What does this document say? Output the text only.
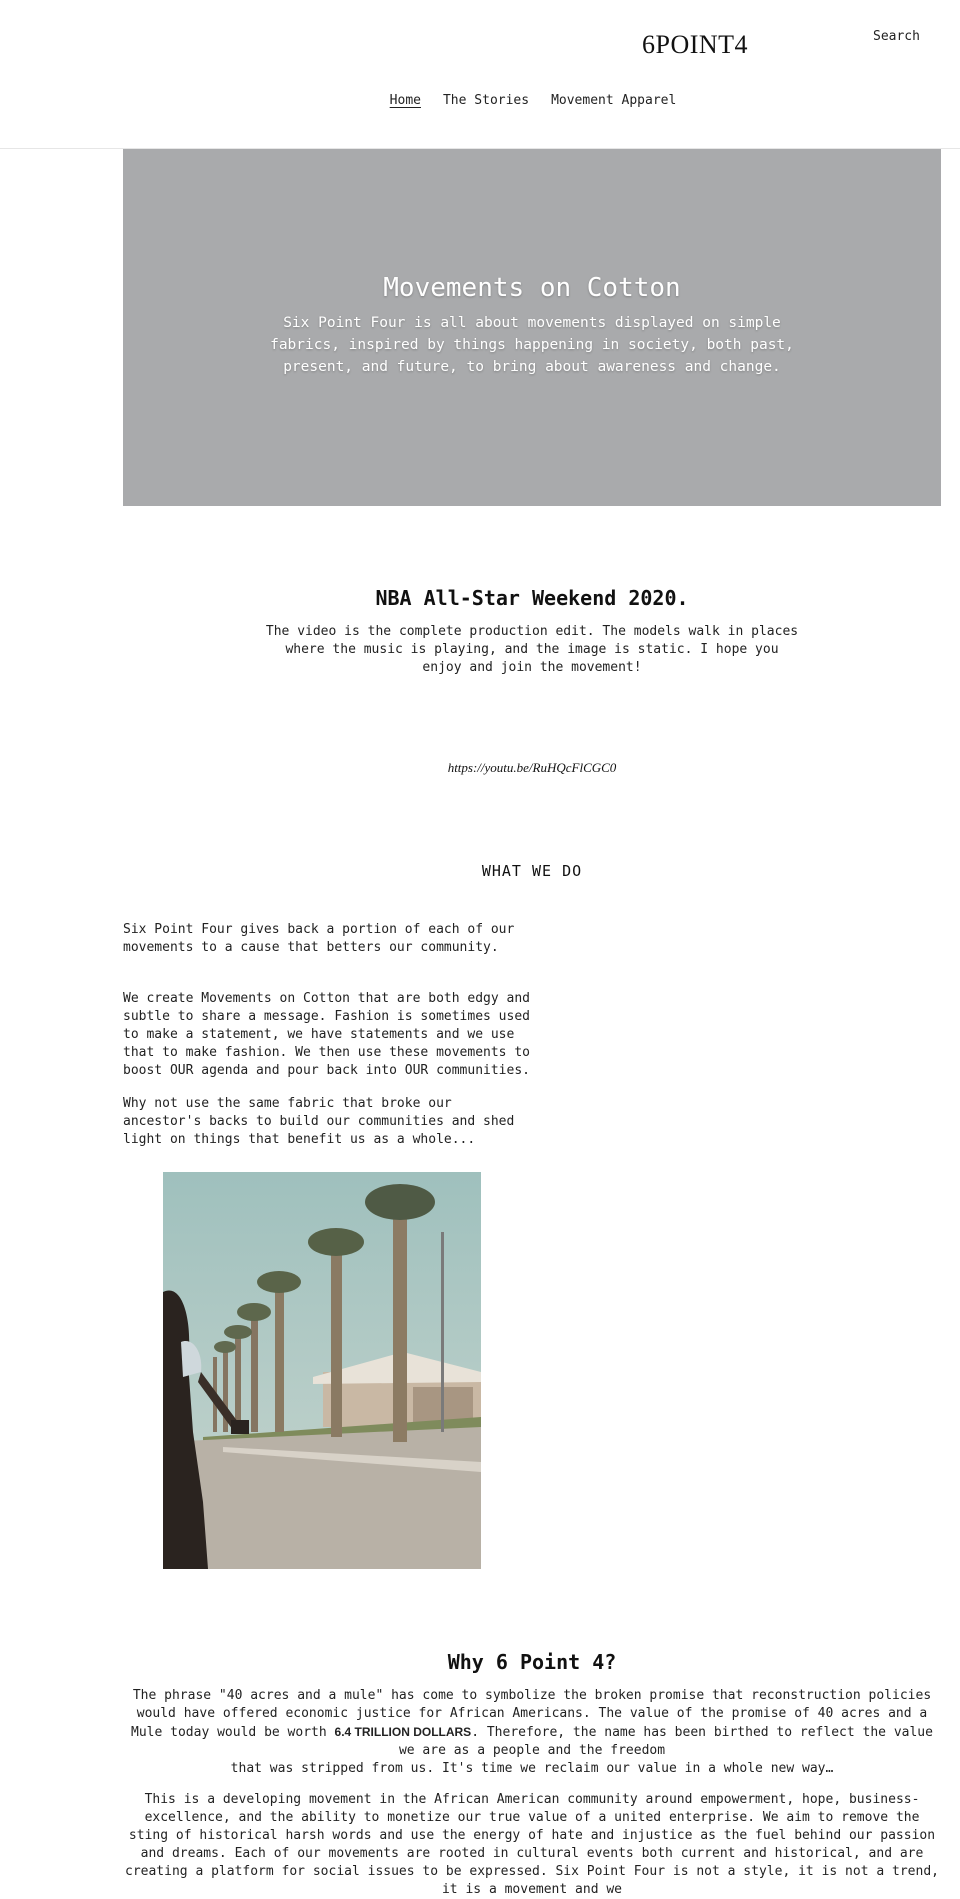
6POINT4	Search
Home The Stories Movement Apparel
Movements on Cotton
Six Point Four is all about movements displayed on simple fabrics, inspired by things happening in society, both past, present, and future, to bring about awareness and change.
NBA All-Star Weekend 2020.
The video is the complete production edit. The models walk in places where the music is playing, and the image is static. I hope you enjoy and join the movement!
https://youtu.be/RuHQcFlCGC0
WHAT WE DO

Six Point Four gives back a portion of each of our movements to a cause that betters our community.

We create Movements on Cotton that are both edgy and subtle to share a message. Fashion is sometimes used to make a statement, we have statements and we use that to make fashion. We then use these movements to boost OUR agenda and pour back into OUR communities.

Why not use the same fabric that broke our ancestor's backs to build our communities and shed light on things that benefit us as a whole...

Why 6 Point 4?
The phrase "40 acres and a mule" has come to symbolize the broken promise that reconstruction policies would have offered economic justice for African Americans. The value of the promise of 40 acres and a Mule today would be worth 6.4 TRILLION DOLLARS. Therefore, the name has been birthed to reflect the value we are as a people and the freedom
that was stripped from us. It's time we reclaim our value in a whole new way…
This is a developing movement in the African American community around empowerment, hope, business-excellence, and the ability to monetize our true value of a united enterprise. We aim to remove the sting of historical harsh words and use the energy of hate and injustice as the fuel behind our passion and dreams. Each of our movements are rooted in cultural events both current and historical, and are creating a platform for social issues to be expressed. Six Point Four is not a style, it is not a trend, it is a movement and we
